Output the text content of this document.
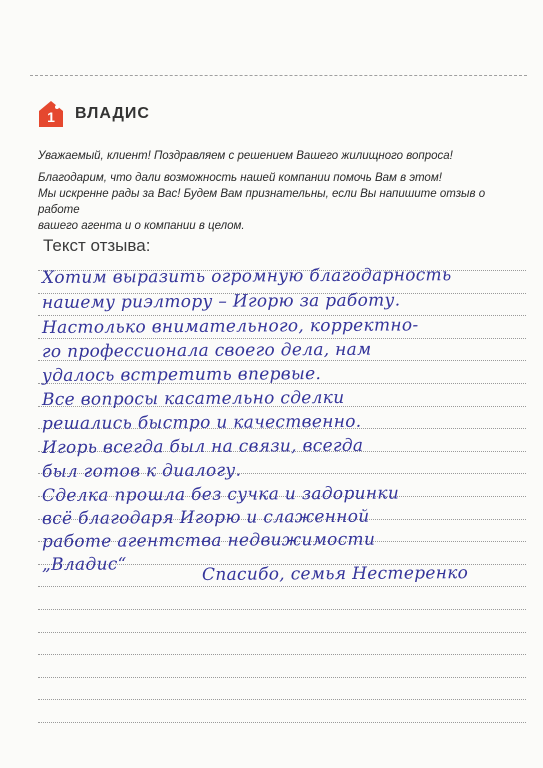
1 ВЛАДИС

Уважаемый, клиент! Поздравляем с решением Вашего жилищного вопроса!

Благодарим, что дали возможность нашей компании помочь Вам в этом!

Мы искренне рады за Вас! Будем Вам признательны, если Вы напишите отзыв о работе

вашего агента и о компании в целом.

Текст отзыва:
Хотим выразить огромную благодарность
нашему риэлтору – Игорю за работу.
Настолько внимательного, корректно-
го профессионала своего дела, нам
удалось встретить впервые.
Все вопросы касательно сделки
решались быстро и качественно.
Игорь всегда был на связи, всегда
был готов к диалогу.
Сделка прошла без сучка и задоринки
всё благодаря Игорю и слаженной
работе агентства недвижимости
„Владис“	Спасибо, семья Нестеренко
